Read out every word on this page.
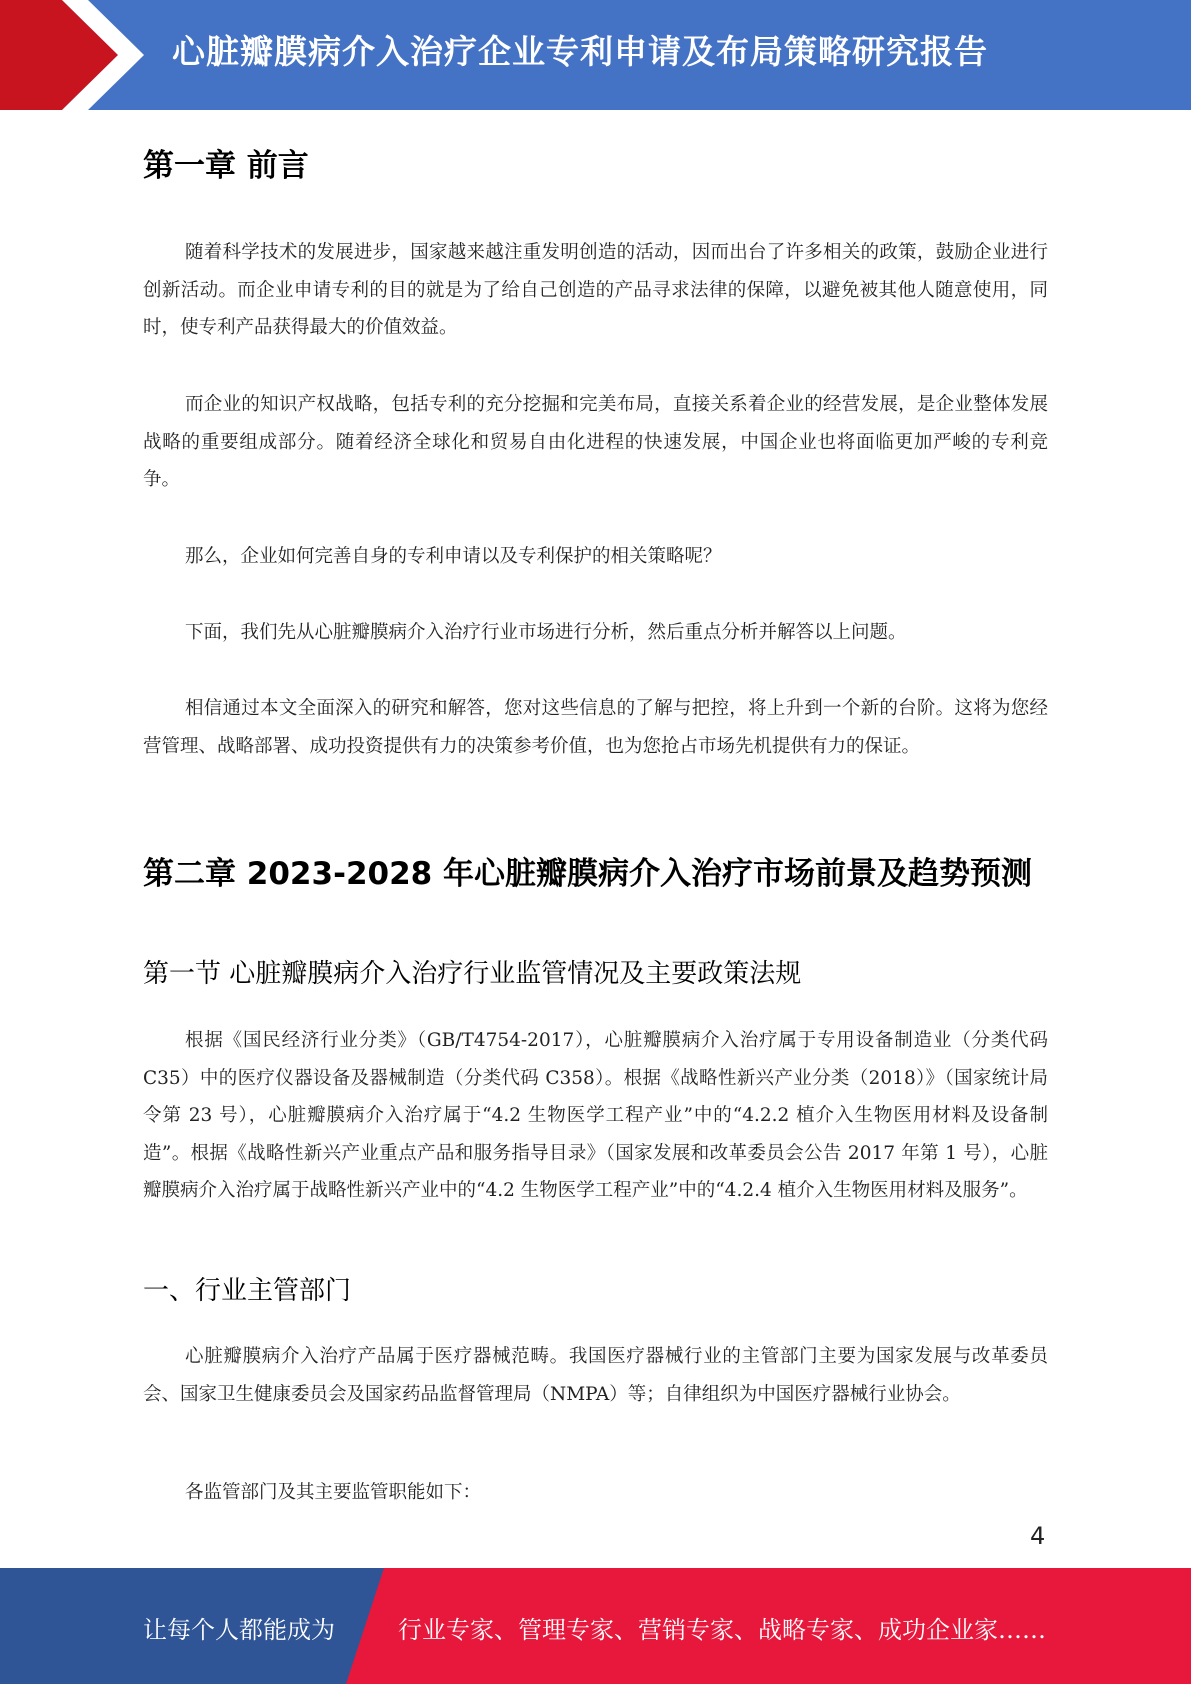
心脏瓣膜病介入治疗企业专利申请及布局策略研究报告
第一章 前言

随着科学技术的发展进步，国家越来越注重发明创造的活动，因而出台了许多相关的政策，鼓励企业进行创新活动。而企业申请专利的目的就是为了给自己创造的产品寻求法律的保障，以避免被其他人随意使用，同时，使专利产品获得最大的价值效益。

而企业的知识产权战略，包括专利的充分挖掘和完美布局，直接关系着企业的经营发展，是企业整体发展战略的重要组成部分。随着经济全球化和贸易自由化进程的快速发展，中国企业也将面临更加严峻的专利竞争。

那么，企业如何完善自身的专利申请以及专利保护的相关策略呢？

下面，我们先从心脏瓣膜病介入治疗行业市场进行分析，然后重点分析并解答以上问题。

相信通过本文全面深入的研究和解答，您对这些信息的了解与把控，将上升到一个新的台阶。这将为您经营管理、战略部署、成功投资提供有力的决策参考价值，也为您抢占市场先机提供有力的保证。

第二章 2023-2028 年心脏瓣膜病介入治疗市场前景及趋势预测
第一节 心脏瓣膜病介入治疗行业监管情况及主要政策法规

根据《国民经济行业分类》（GB/T4754-2017），心脏瓣膜病介入治疗属于专用设备制造业（分类代码 C35）中的医疗仪器设备及器械制造（分类代码 C358）。根据《战略性新兴产业分类（2018）》（国家统计局令第 23 号），心脏瓣膜病介入治疗属于“4.2 生物医学工程产业”中的“4.2.2 植介入生物医用材料及设备制造”。根据《战略性新兴产业重点产品和服务指导目录》（国家发展和改革委员会公告 2017 年第 1 号），心脏瓣膜病介入治疗属于战略性新兴产业中的“4.2 生物医学工程产业”中的“4.2.4 植介入生物医用材料及服务”。

一、行业主管部门

心脏瓣膜病介入治疗产品属于医疗器械范畴。我国医疗器械行业的主管部门主要为国家发展与改革委员会、国家卫生健康委员会及国家药品监督管理局（NMPA）等；自律组织为中国医疗器械行业协会。

各监管部门及其主要监管职能如下：

4
让每个人都能成为	行业专家、管理专家、营销专家、战略专家、成功企业家……
